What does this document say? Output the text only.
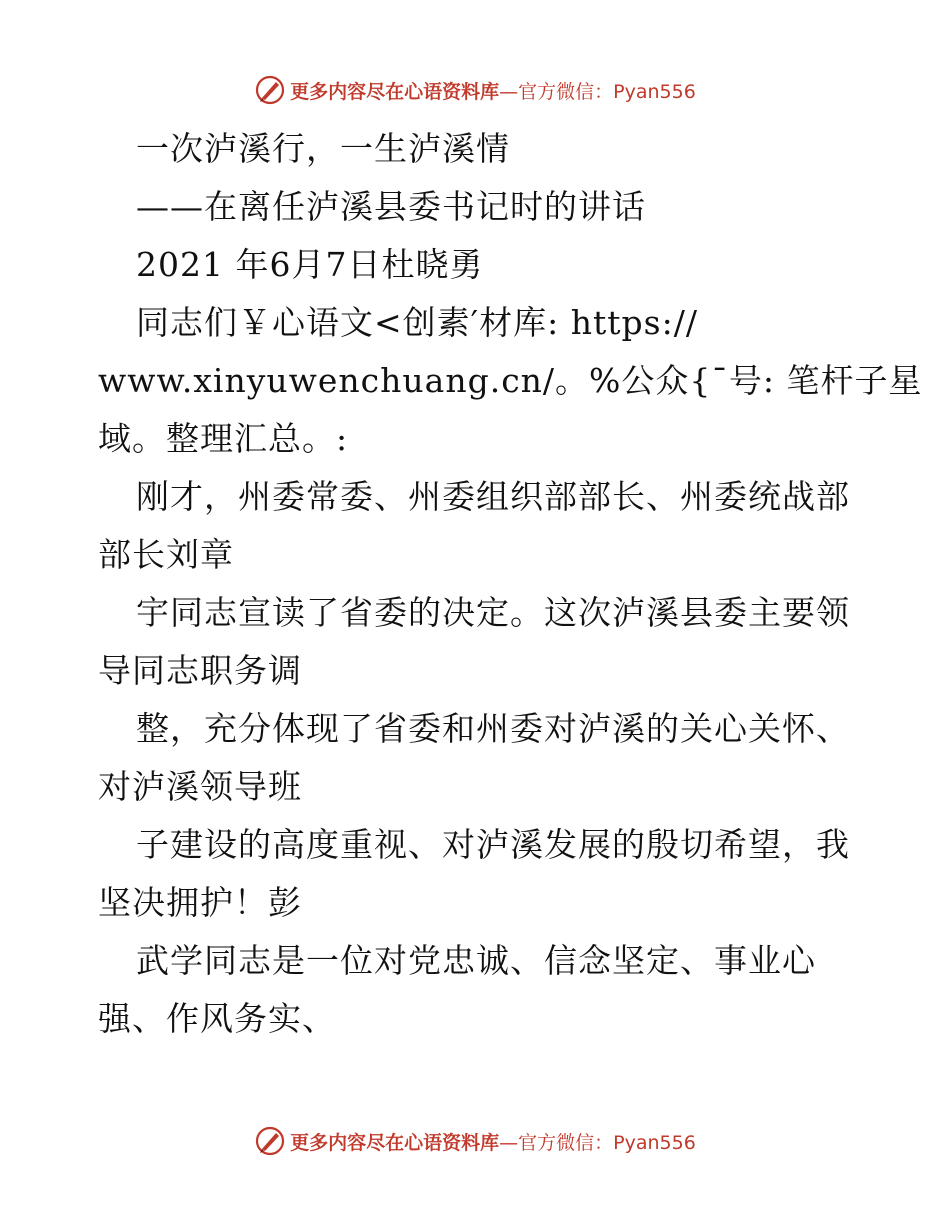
更多内容尽在心语资料库—官方微信：Pyan556
一次泸溪行，一生泸溪情
——在离任泸溪县委书记时的讲话
2021 年6月7日杜晓勇
同志们￥心语文<创素′材库: https://
www.xinyuwenchuang.cn/。%公众{¯号: 笔杆子星
域。整理汇总。:
刚才，州委常委、州委组织部部长、州委统战部
部长刘章
宇同志宣读了省委的决定。这次泸溪县委主要领
导同志职务调
整，充分体现了省委和州委对泸溪的关心关怀、
对泸溪领导班
子建设的高度重视、对泸溪发展的殷切希望，我
坚决拥护！彭
武学同志是一位对党忠诚、信念坚定、事业心
强、作风务实、
更多内容尽在心语资料库—官方微信：Pyan556
